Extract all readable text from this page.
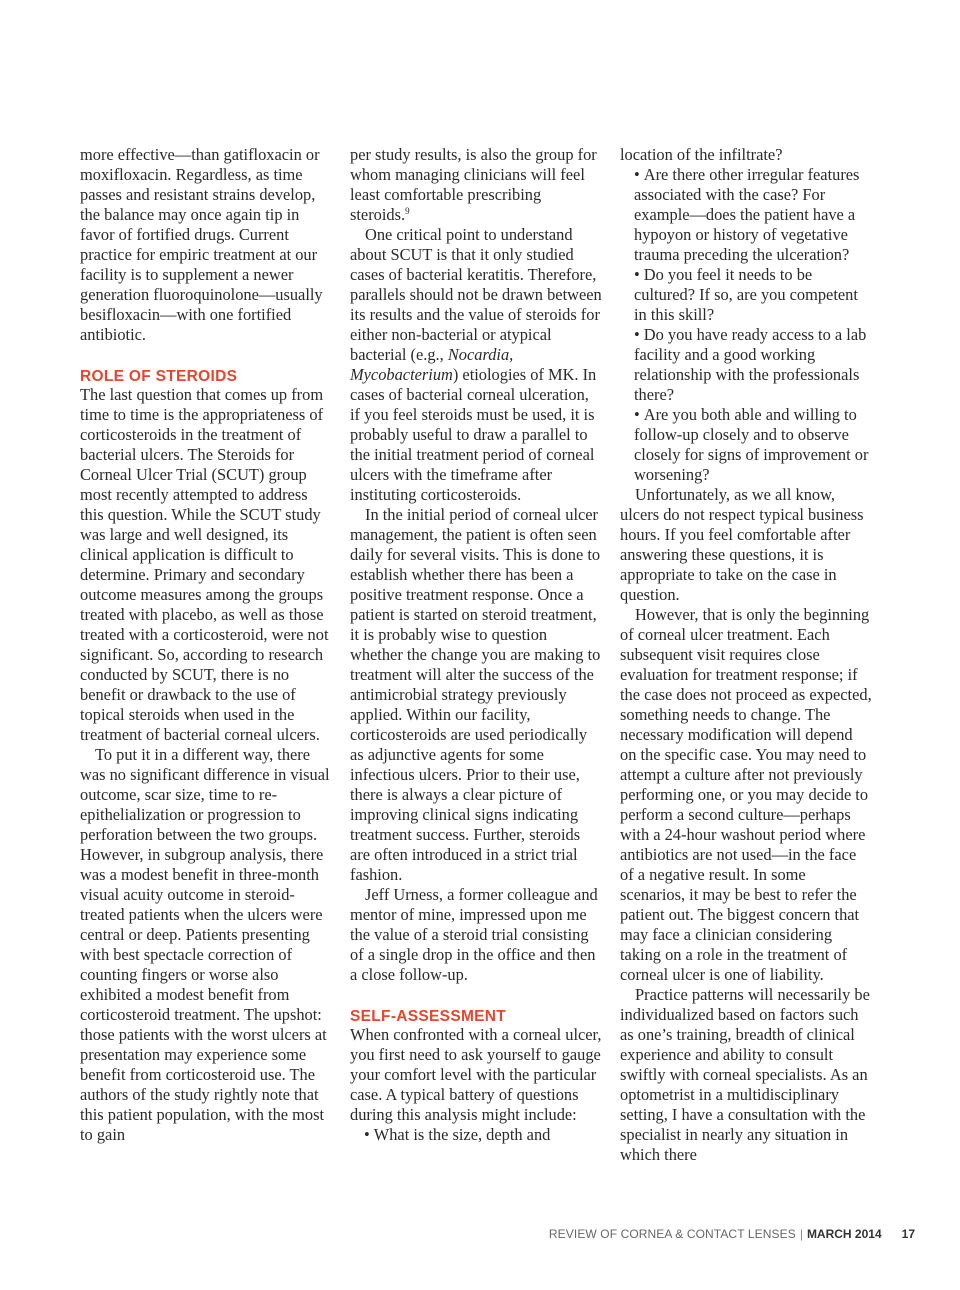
more effective—than gatifloxacin or moxifloxacin. Regardless, as time passes and resistant strains develop, the balance may once again tip in favor of fortified drugs. Current practice for empiric treatment at our facility is to supplement a newer generation fluoroquinolone—usually besifloxacin—with one fortified antibiotic.

ROLE OF STEROIDS

The last question that comes up from time to time is the appropriateness of corticosteroids in the treatment of bacterial ulcers. The Steroids for Corneal Ulcer Trial (SCUT) group most recently attempted to address this question. While the SCUT study was large and well designed, its clinical application is difficult to determine. Primary and secondary outcome measures among the groups treated with placebo, as well as those treated with a corticosteroid, were not significant. So, according to research conducted by SCUT, there is no benefit or drawback to the use of topical steroids when used in the treatment of bacterial corneal ulcers.

To put it in a different way, there was no significant difference in visual outcome, scar size, time to re-epithelialization or progression to perforation between the two groups. However, in subgroup analysis, there was a modest benefit in three-month visual acuity outcome in steroid-treated patients when the ulcers were central or deep. Patients presenting with best spectacle correction of counting fingers or worse also exhibited a modest benefit from corticosteroid treatment. The upshot: those patients with the worst ulcers at presentation may experience some benefit from corticosteroid use. The authors of the study rightly note that this patient population, with the most to gain

per study results, is also the group for whom managing clinicians will feel least comfortable prescribing steroids.$^9$

One critical point to understand about SCUT is that it only studied cases of bacterial keratitis. Therefore, parallels should not be drawn between its results and the value of steroids for either non-bacterial or atypical bacterial (e.g., Nocardia, Mycobacterium) etiologies of MK. In cases of bacterial corneal ulceration, if you feel steroids must be used, it is probably useful to draw a parallel to the initial treatment period of corneal ulcers with the timeframe after instituting corticosteroids.

In the initial period of corneal ulcer management, the patient is often seen daily for several visits. This is done to establish whether there has been a positive treatment response. Once a patient is started on steroid treatment, it is probably wise to question whether the change you are making to treatment will alter the success of the antimicrobial strategy previously applied. Within our facility, corticosteroids are used periodically as adjunctive agents for some infectious ulcers. Prior to their use, there is always a clear picture of improving clinical signs indicating treatment success. Further, steroids are often introduced in a strict trial fashion.

Jeff Urness, a former colleague and mentor of mine, impressed upon me the value of a steroid trial consisting of a single drop in the office and then a close follow-up.

SELF-ASSESSMENT

When confronted with a corneal ulcer, you first need to ask yourself to gauge your comfort level with the particular case. A typical battery of questions during this analysis might include:

• What is the size, depth and

location of the infiltrate?

• Are there other irregular features associated with the case? For example—does the patient have a hypoyon or history of vegetative trauma preceding the ulceration?

• Do you feel it needs to be cultured? If so, are you competent in this skill?

• Do you have ready access to a lab facility and a good working relationship with the professionals there?

• Are you both able and willing to follow-up closely and to observe closely for signs of improvement or worsening?

Unfortunately, as we all know, ulcers do not respect typical business hours. If you feel comfortable after answering these questions, it is appropriate to take on the case in question.

However, that is only the beginning of corneal ulcer treatment. Each subsequent visit requires close evaluation for treatment response; if the case does not proceed as expected, something needs to change. The necessary modification will depend on the specific case. You may need to attempt a culture after not previously performing one, or you may decide to perform a second culture—perhaps with a 24-hour washout period where antibiotics are not used—in the face of a negative result. In some scenarios, it may be best to refer the patient out. The biggest concern that may face a clinician considering taking on a role in the treatment of corneal ulcer is one of liability.

Practice patterns will necessarily be individualized based on factors such as one’s training, breadth of clinical experience and ability to consult swiftly with corneal specialists. As an optometrist in a multidisciplinary setting, I have a consultation with the specialist in nearly any situation in which there

REVIEW OF CORNEA & CONTACT LENSES | MARCH 2014 17
